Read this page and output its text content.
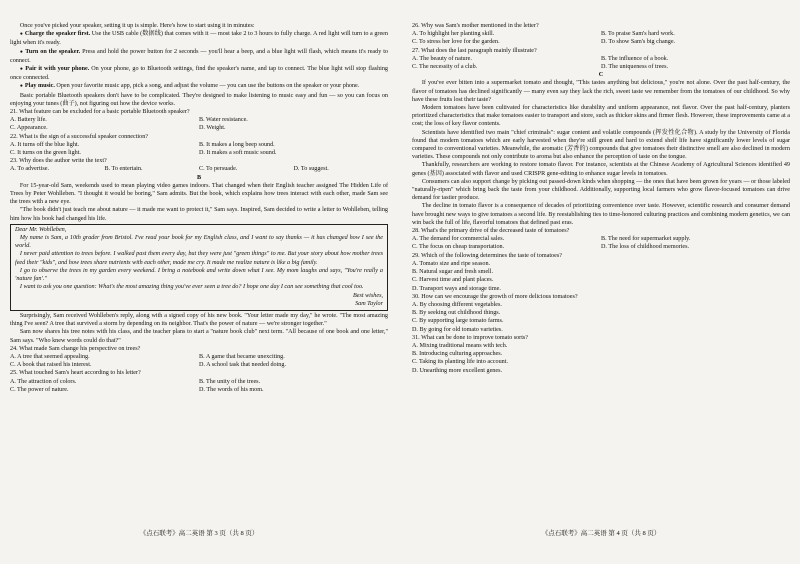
Once you've picked your speaker, setting it up is simple. Here's how to start using it in minutes:

● Charge the speaker first. Use the USB cable (数据线) that comes with it — most take 2 to 3 hours to fully charge. A red light will turn to a green light when it's ready.

● Turn on the speaker. Press and hold the power button for 2 seconds — you'll hear a beep, and a blue light will flash, which means it's ready to connect.

● Pair it with your phone. On your phone, go to Bluetooth settings, find the speaker's name, and tap to connect. The blue light will stop flashing once connected.

● Play music. Open your favorite music app, pick a song, and adjust the volume — you can use the buttons on the speaker or your phone.

Basic portable Bluetooth speakers don't have to be complicated. They're designed to make listening to music easy and fun — so you can focus on enjoying your tunes (曲子), not figuring out how the device works.

21. What feature can be excluded for a basic portable Bluetooth speaker?

A. Battery life.	B. Water resistance.
C. Appearance.	D. Weight.

22. What is the sign of a successful speaker connection?

A. It turns off the blue light.	B. It makes a long beep sound.
C. It turns on the green light.	D. It makes a soft music sound.

23. Why does the author write the text?

A. To advertise.	B. To entertain.	C. To persuade.	D. To suggest.

B

For 15-year-old Sam, weekends used to mean playing video games indoors. That changed when their English teacher assigned The Hidden Life of Trees by Peter Wohlleben. "I thought it would be boring," Sam admits. But the book, which explains how trees interact with each other, made Sam see the trees with a new eye.

"The book didn't just teach me about nature — it made me want to protect it," Sam says. Inspired, Sam decided to write a letter to Wohlleben, telling him how his book had changed his life.

Dear Mr. Wohlleben,

My name is Sam, a 10th grader from Bristol. I've read your book for my English class, and I want to say thanks — it has changed how I see the world.

I never paid attention to trees before. I walked past them every day, but they were just "green things" to me. But your story about how mother trees feed their "kids", and how trees share nutrients with each other, made me cry. It made me realize nature is like a big family.

I go to observe the trees in my garden every weekend. I bring a notebook and write down what I see. My mom laughs and says, "You're really a 'nature fan'."

I want to ask you one question: What's the most amazing thing you've ever seen a tree do? I hope one day I can see something that cool too.

Best wishes,

Sam Taylor

Surprisingly, Sam received Wohlleben's reply, along with a signed copy of his new book. "Your letter made my day," he wrote. "The most amazing thing I've seen? A tree that survived a storm by depending on its neighbor. That's the power of nature — we're stronger together."

Sam now shares his tree notes with his class, and the teacher plans to start a "nature book club" next term. "All because of one book and one letter," Sam says. "Who knew words could do that?"

24. What made Sam change his perspective on trees?

A. A tree that seemed appealing.	B. A game that became unexciting.
C. A book that raised his interest.	D. A school task that needed doing.

25. What touched Sam's heart according to his letter?

A. The attraction of colors.	B. The unity of the trees.
C. The power of nature.	D. The words of his mom.

26. Why was Sam's mother mentioned in the letter?

A. To highlight her planting skill.	B. To praise Sam's hard work.
C. To stress her love for the garden.	D. To show Sam's big change.

27. What does the last paragraph mainly illustrate?

A. The beauty of nature.	B. The influence of a book.
C. The necessity of a club.	D. The uniqueness of trees.

C

If you've ever bitten into a supermarket tomato and thought, "This tastes anything but delicious," you're not alone. Over the past half-century, the flavor of tomatoes has declined significantly — many even say they lack the rich, sweet taste we remember from the tomatoes of our childhood. So why have these fruits lost their taste?

Modern tomatoes have been cultivated for characteristics like durability and uniform appearance, not flavor. Over the past half-century, planters prioritized characteristics that make tomatoes easier to transport and store, such as thicker skins and firmer flesh. However, these improvements came at a cost; the loss of key flavor contents.

Scientists have identified two main "chief criminals": sugar content and volatile compounds (挥发性化合物). A study by the University of Florida found that modern tomatoes which are early harvested when they're still green and hard to extend shelf life have significantly lower levels of sugar compared to conventional varieties. Meanwhile, the aromatic (芳香的) compounds that give tomatoes their distinctive smell are also declined in modern varieties. These compounds not only contribute to aroma but also enhance the perception of taste on the tongue.

Thankfully, researchers are working to restore tomato flavor. For instance, scientists at the Chinese Academy of Agricultural Sciences identified 49 genes (基因) associated with flavor and used CRISPR gene-editing to enhance sugar levels in tomatoes.

Consumers can also support change by picking out passed-down kinds when shopping — the ones that have been grown for years — or those labeled "naturally-ripen" which bring back the taste from your childhood. Additionally, supporting local farmers who grow flavor-focused tomatoes can drive demand for tastier produce.

The decline in tomato flavor is a consequence of decades of prioritizing convenience over taste. However, scientific research and consumer demand have brought new ways to give tomatoes a second life. By reestablishing ties to time-honored culturing practices and combining modern genetics, we can win back the full of life, flavorful tomatoes that defined past eras.

28. What's the primary drive of the decreased taste of tomatoes?

A. The demand for commercial sales.	B. The need for supermarket supply.
C. The focus on cheap transportation.	D. The loss of childhood memories.

29. Which of the following determines the taste of tomatoes?

A. Tomato size and ripe season.

B. Natural sugar and fresh smell.

C. Harvest time and plant places.

D. Transport ways and storage time.

30. How can we encourage the growth of more delicious tomatoes?

A. By choosing different vegetables.

B. By seeking out childhood things.

C. By supporting large tomato farms.

D. By going for old tomato varieties.

31. What can be done to improve tomato sorts?

A. Mixing traditional means with tech.

B. Introducing culturing approaches.

C. Taking its planting life into account.

D. Unearthing more excellent genes.

《点石联考》高二英语 第 3 页（共 8 页）	《点石联考》高二英语 第 4 页（共 8 页）
